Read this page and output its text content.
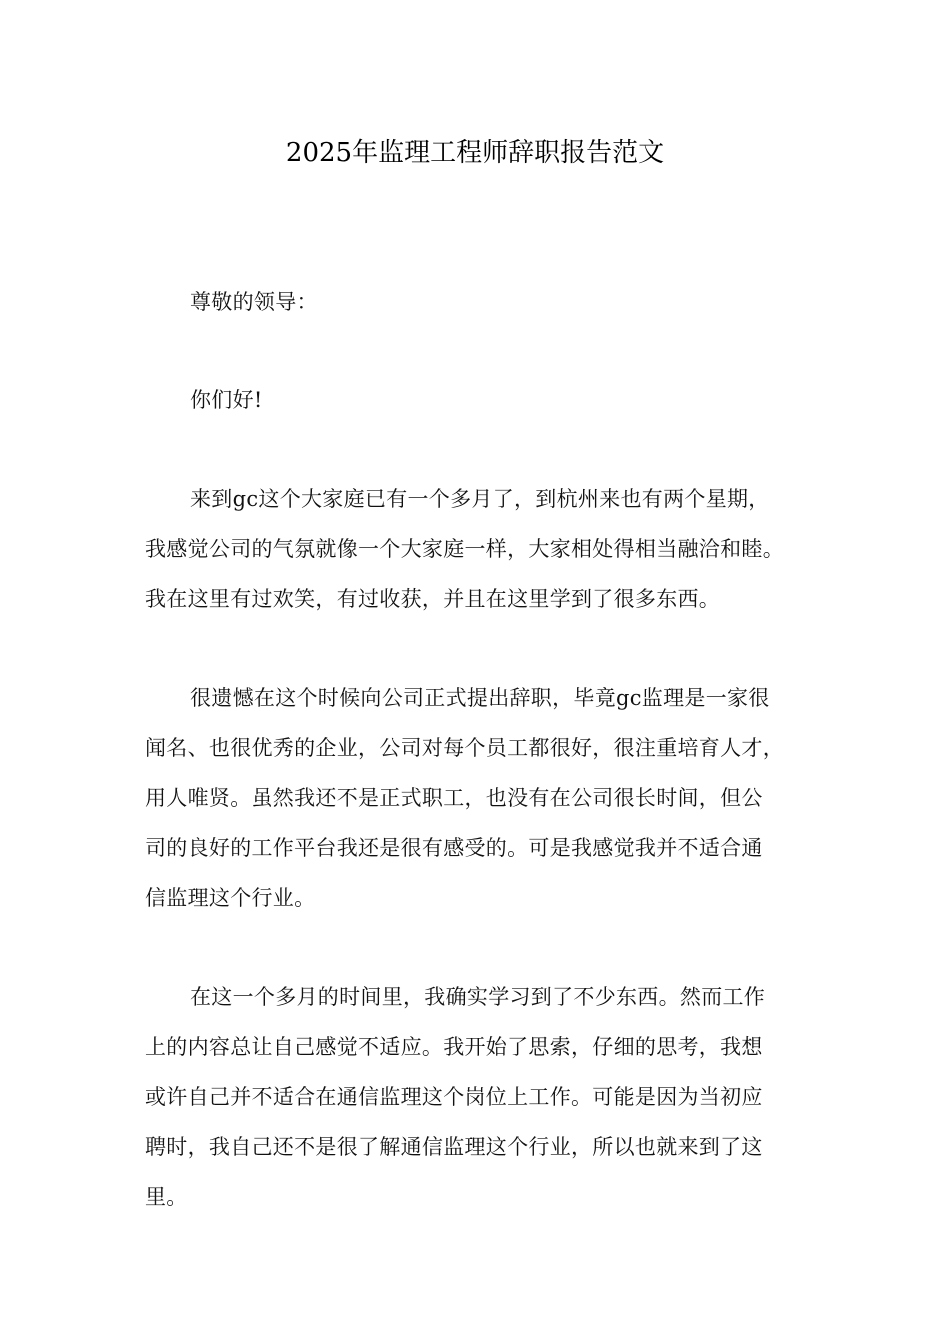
2025年监理工程师辞职报告范文
尊敬的领导：
你们好!
来到gc这个大家庭已有一个多月了，到杭州来也有两个星期，
我感觉公司的气氛就像一个大家庭一样，大家相处得相当融洽和睦。
我在这里有过欢笑，有过收获，并且在这里学到了很多东西。
很遗憾在这个时候向公司正式提出辞职，毕竟gc监理是一家很
闻名、也很优秀的企业，公司对每个员工都很好，很注重培育人才，
用人唯贤。虽然我还不是正式职工，也没有在公司很长时间，但公
司的良好的工作平台我还是很有感受的。可是我感觉我并不适合通
信监理这个行业。
在这一个多月的时间里，我确实学习到了不少东西。然而工作
上的内容总让自己感觉不适应。我开始了思索，仔细的思考，我想
或许自己并不适合在通信监理这个岗位上工作。可能是因为当初应
聘时，我自己还不是很了解通信监理这个行业，所以也就来到了这
里。
